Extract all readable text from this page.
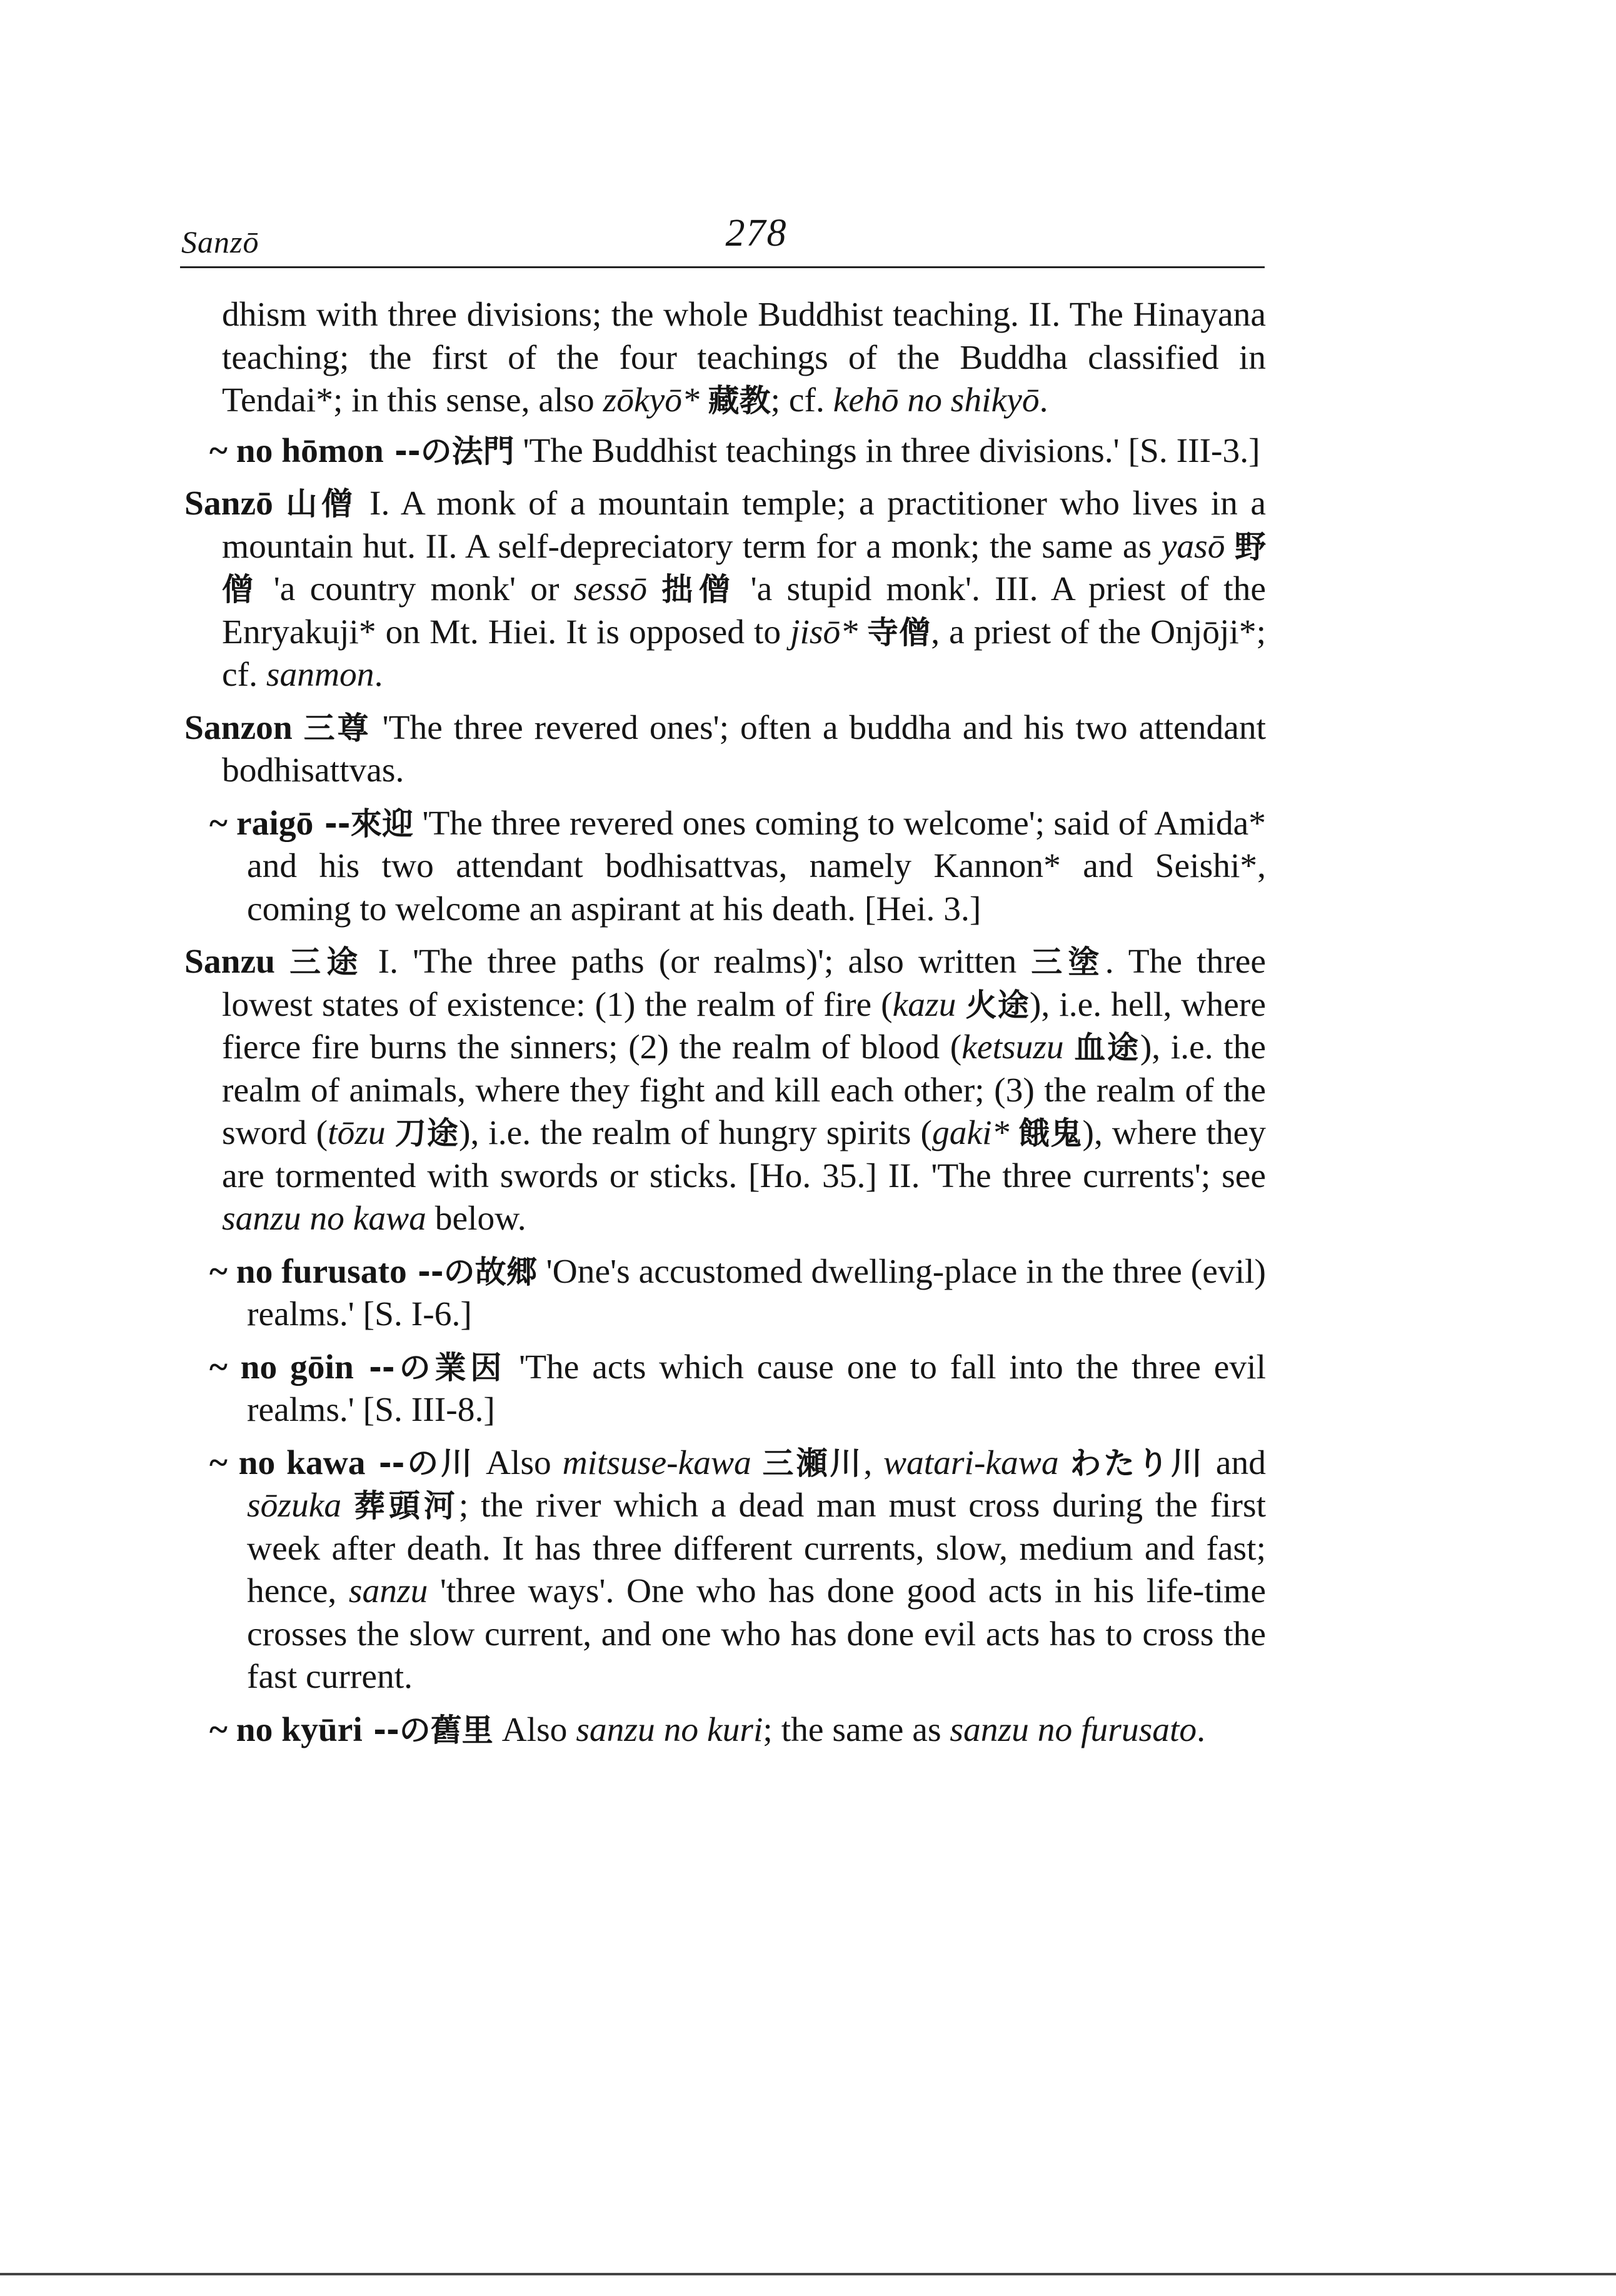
Sanzō	278

dhism with three divisions; the whole Buddhist teaching. II. The Hinayana teaching; the first of the four teachings of the Buddha classified in Tendai*; in this sense, also zōkyō* 藏教; cf. kehō no shikyō.

~ no hōmon --の法門 'The Buddhist teachings in three divisions.' [S. III-3.]

Sanzō 山僧 I. A monk of a mountain temple; a practitioner who lives in a mountain hut. II. A self-depreciatory term for a monk; the same as yasō 野僧 'a country monk' or sessō 拙僧 'a stupid monk'. III. A priest of the Enryakuji* on Mt. Hiei. It is opposed to jisō* 寺僧, a priest of the Onjōji*; cf. sanmon.

Sanzon 三尊 'The three revered ones'; often a buddha and his two attendant bodhisattvas.

~ raigō --來迎 'The three revered ones coming to welcome'; said of Amida* and his two attendant bodhisattvas, namely Kannon* and Seishi*, coming to welcome an aspirant at his death. [Hei. 3.]

Sanzu 三途 I. 'The three paths (or realms)'; also written 三塗. The three lowest states of existence: (1) the realm of fire (kazu 火途), i.e. hell, where fierce fire burns the sinners; (2) the realm of blood (ketsuzu 血途), i.e. the realm of animals, where they fight and kill each other; (3) the realm of the sword (tōzu 刀途), i.e. the realm of hungry spirits (gaki* 餓鬼), where they are tormented with swords or sticks. [Ho. 35.] II. 'The three currents'; see sanzu no kawa below.

~ no furusato --の故郷 'One's accustomed dwelling-place in the three (evil) realms.' [S. I-6.]

~ no gōin --の業因 'The acts which cause one to fall into the three evil realms.' [S. III-8.]

~ no kawa --の川 Also mitsuse-kawa 三瀬川, watari-kawa わたり川 and sōzuka 葬頭河; the river which a dead man must cross during the first week after death. It has three different currents, slow, medium and fast; hence, sanzu 'three ways'. One who has done good acts in his life-time crosses the slow current, and one who has done evil acts has to cross the fast current.

~ no kyūri --の舊里 Also sanzu no kuri; the same as sanzu no furusato.
